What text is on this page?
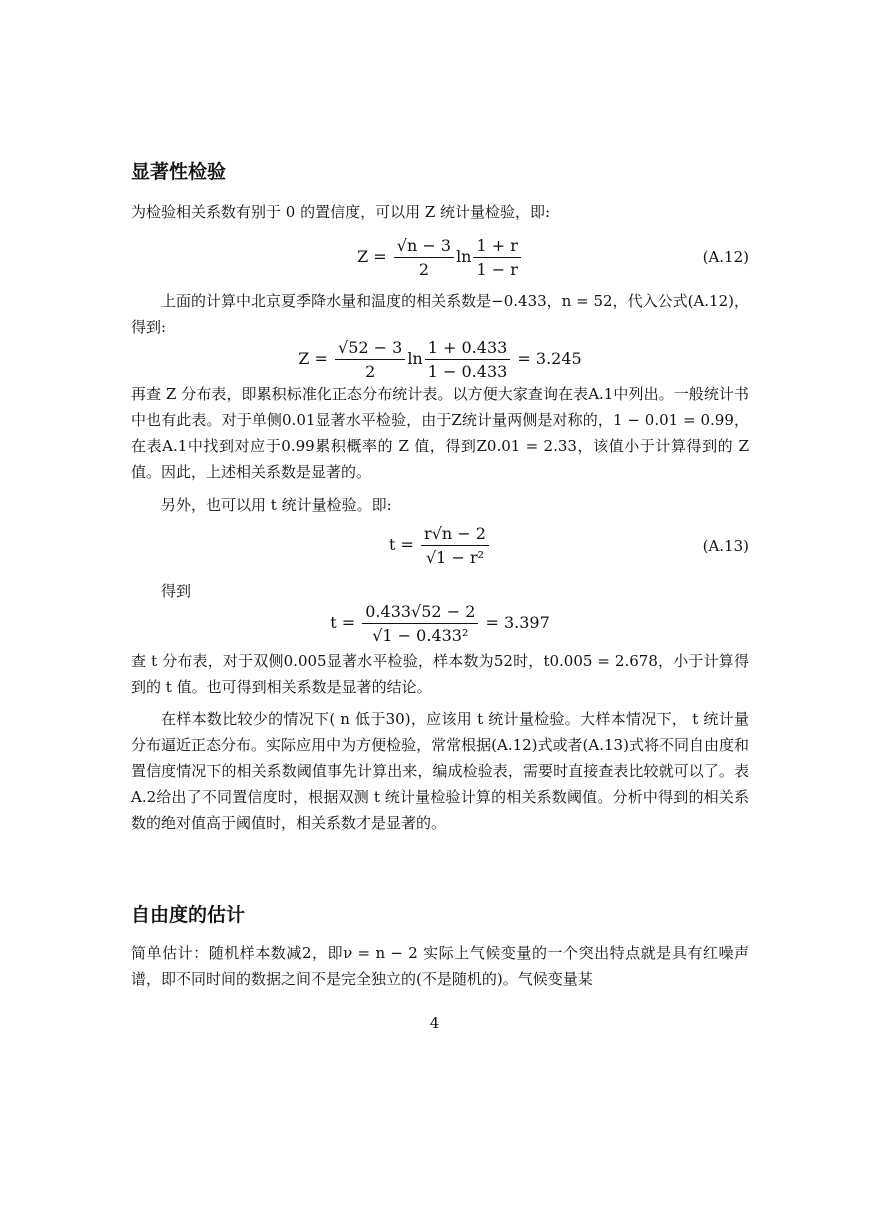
显著性检验
为检验相关系数有别于 0 的置信度，可以用 Z 统计量检验，即:
$Z = \frac{√n - 3}{2}$ $\ln \frac{1 + r}{1 - r}$	(A.12)
上面的计算中北京夏季降水量和温度的相关系数是−0.433，n = 52，代入公式(A.12)，得到:
$Z = \frac{√52 - 3}{2}$ $\ln \frac{1 + 0.433}{1 - 0.433} = 3.245$
再查 Z 分布表，即累积标准化正态分布统计表。以方便大家查询在表A.1中列出。一般统计书中也有此表。对于单侧0.01显著水平检验，由于Z统计量两侧是对称的，1 − 0.01 = 0.99，在表A.1中找到对应于0.99累积概率的 Z 值，得到Z0.01 = 2.33，该值小于计算得到的 Z 值。因此，上述相关系数是显著的。
另外，也可以用 t 统计量检验。即:
$t = \frac{r√n - 2}{\text{√1 − r²}}$	(A.13)
得到
$t = \frac{0.433√52 - 2}{\text{√1 − 0.433²}} = 3.397$
查 t 分布表，对于双侧0.005显著水平检验，样本数为52时，t0.005 = 2.678，小于计算得到的 t 值。也可得到相关系数是显著的结论。
在样本数比较少的情况下( n 低于30)，应该用 t 统计量检验。大样本情况下， t 统计量分布逼近正态分布。实际应用中为方便检验，常常根据(A.12)式或者(A.13)式将不同自由度和置信度情况下的相关系数阈值事先计算出来，编成检验表，需要时直接查表比较就可以了。表A.2给出了不同置信度时，根据双测 t 统计量检验计算的相关系数阈值。分析中得到的相关系数的绝对值高于阈值时，相关系数才是显著的。
自由度的估计
简单估计：随机样本数减2，即ν = n − 2 实际上气候变量的一个突出特点就是具有红噪声谱，即不同时间的数据之间不是完全独立的(不是随机的)。气候变量某
4
